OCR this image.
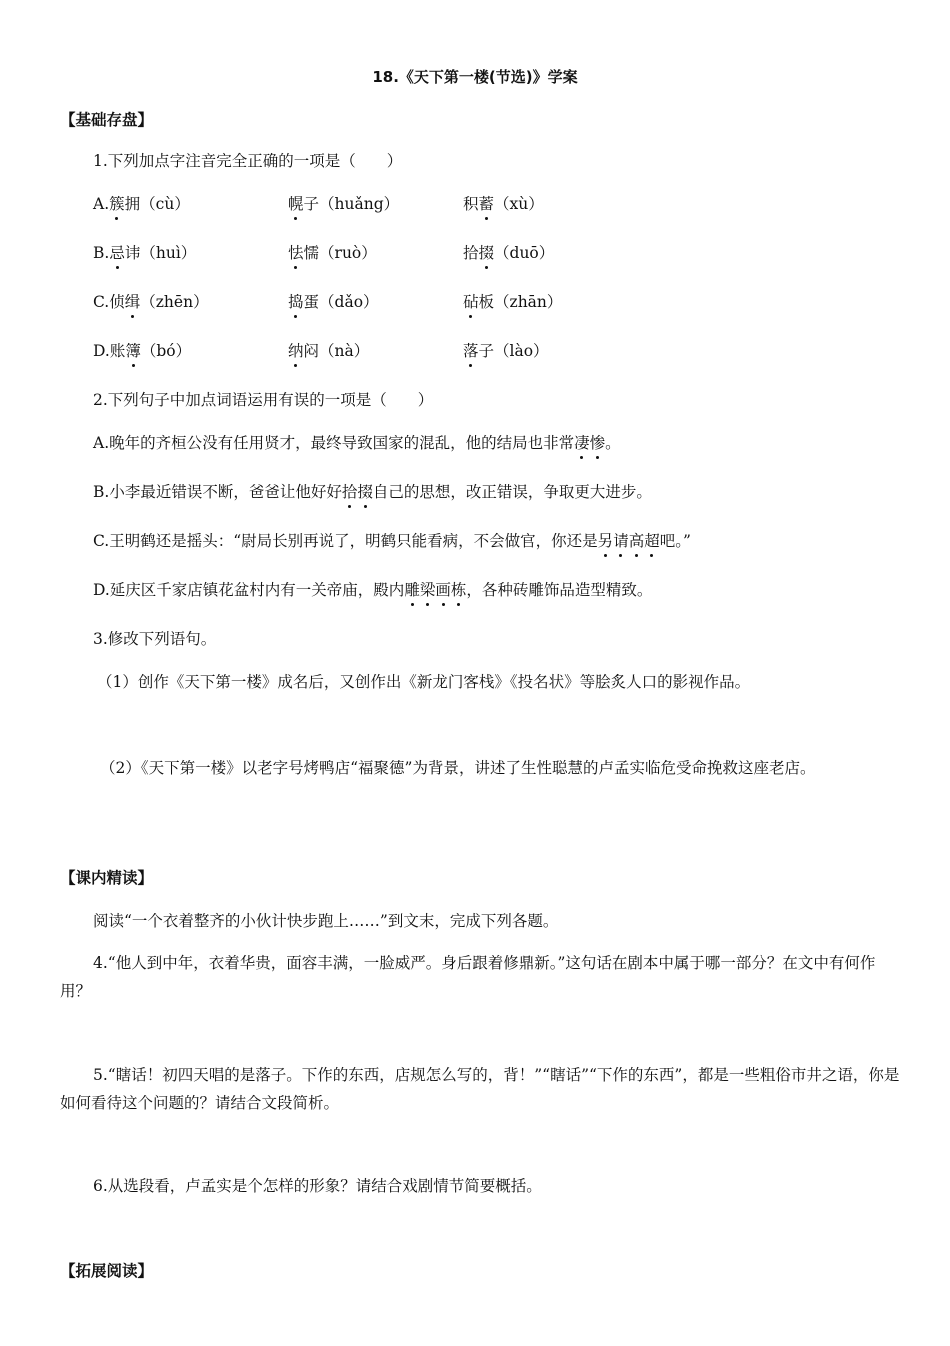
18.《天下第一楼(节选)》学案
【基础存盘】
1.下列加点字注音完全正确的一项是（　　）
A.簇拥（cù）	幌子（huǎng）	积蓄（xù）
B.忌讳（huì）	怯懦（ruò）	拾掇（duō）
C.侦缉（zhēn）	捣蛋（dǎo）	砧板（zhān）
D.账簿（bó）	纳闷（nà）	落子（lào）
2.下列句子中加点词语运用有误的一项是（　　）
A.晚年的齐桓公没有任用贤才，最终导致国家的混乱，他的结局也非常凄惨。
B.小李最近错误不断，爸爸让他好好拾掇自己的思想，改正错误，争取更大进步。
C.王明鹤还是摇头：“尉局长别再说了，明鹤只能看病，不会做官，你还是另请高超吧。”
D.延庆区千家店镇花盆村内有一关帝庙，殿内雕梁画栋，各种砖雕饰品造型精致。
3.修改下列语句。
（1）创作《天下第一楼》成名后，又创作出《新龙门客栈》《投名状》等脍炙人口的影视作品。
（2）《天下第一楼》以老字号烤鸭店“福聚德”为背景，讲述了生性聪慧的卢孟实临危受命挽救这座老店。
【课内精读】
阅读“一个衣着整齐的小伙计快步跑上……”到文末，完成下列各题。
4.“他人到中年，衣着华贵，面容丰满，一脸威严。身后跟着修鼎新。”这句话在剧本中属于哪一部分？在文中有何作用？
5.“瞎话！初四天唱的是落子。下作的东西，店规怎么写的，背！”“瞎话”“下作的东西”，都是一些粗俗市井之语，你是如何看待这个问题的？请结合文段简析。
6.从选段看，卢孟实是个怎样的形象？请结合戏剧情节简要概括。
【拓展阅读】
